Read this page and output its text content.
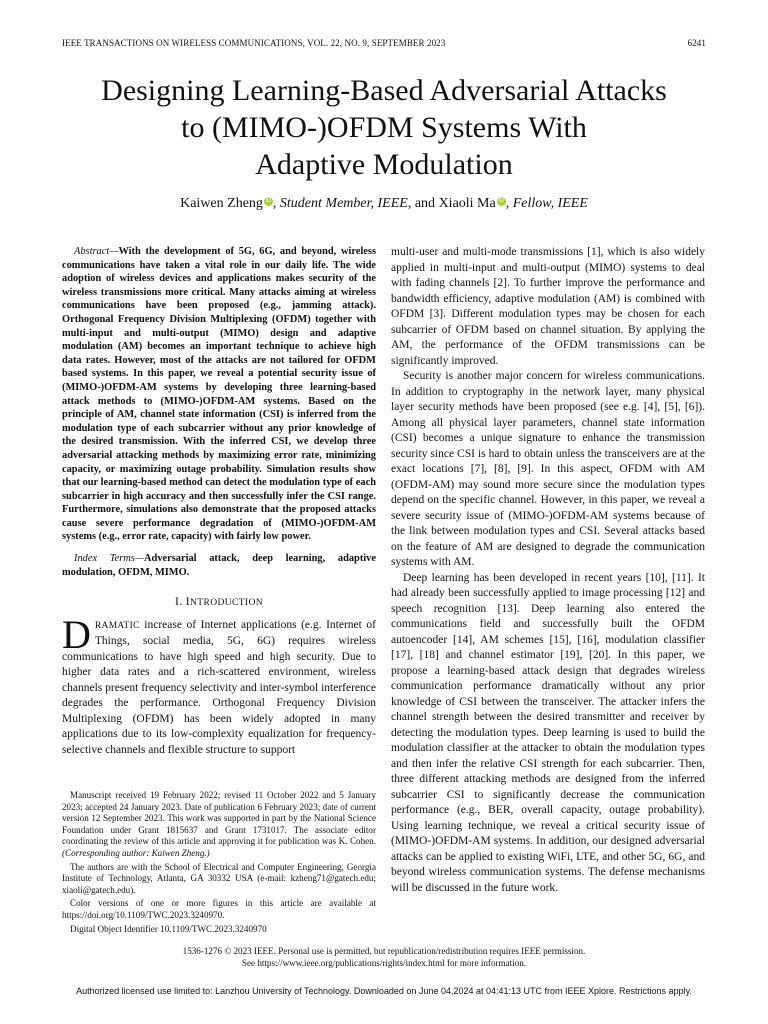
IEEE TRANSACTIONS ON WIRELESS COMMUNICATIONS, VOL. 22, NO. 9, SEPTEMBER 2023	6241
Designing Learning-Based Adversarial Attacks
to (MIMO-)OFDM Systems With
Adaptive Modulation
Kaiwen Zheng iD , Student Member, IEEE, and Xiaoli Ma iD , Fellow, IEEE

Abstract—With the development of 5G, 6G, and beyond, wireless communications have taken a vital role in our daily life. The wide adoption of wireless devices and applications makes security of the wireless transmissions more critical. Many attacks aiming at wireless communications have been proposed (e.g., jamming attack). Orthogonal Frequency Division Multiplexing (OFDM) together with multi-input and multi-output (MIMO) design and adaptive modulation (AM) becomes an important technique to achieve high data rates. However, most of the attacks are not tailored for OFDM based systems. In this paper, we reveal a potential security issue of (MIMO-)OFDM-AM systems by developing three learning-based attack methods to (MIMO-)OFDM-AM systems. Based on the principle of AM, channel state information (CSI) is inferred from the modulation type of each subcarrier without any prior knowledge of the desired transmission. With the inferred CSI, we develop three adversarial attacking methods by maximizing error rate, minimizing capacity, or maximizing outage probability. Simulation results show that our learning-based method can detect the modulation type of each subcarrier in high accuracy and then successfully infer the CSI range. Furthermore, simulations also demonstrate that the proposed attacks cause severe performance degradation of (MIMO-)OFDM-AM systems (e.g., error rate, capacity) with fairly low power.

Index Terms—Adversarial attack, deep learning, adaptive modulation, OFDM, MIMO.

I. INTRODUCTION

DRAMATIC increase of Internet applications (e.g. Internet of Things, social media, 5G, 6G) requires wireless communications to have high speed and high security. Due to higher data rates and a rich-scattered environment, wireless channels present frequency selectivity and inter-symbol interference degrades the performance. Orthogonal Frequency Division Multiplexing (OFDM) has been widely adopted in many applications due to its low-complexity equalization for frequency-selective channels and flexible structure to support

multi-user and multi-mode transmissions [1], which is also widely applied in multi-input and multi-output (MIMO) systems to deal with fading channels [2]. To further improve the performance and bandwidth efficiency, adaptive modulation (AM) is combined with OFDM [3]. Different modulation types may be chosen for each subcarrier of OFDM based on channel situation. By applying the AM, the performance of the OFDM transmissions can be significantly improved.

Security is another major concern for wireless communications. In addition to cryptography in the network layer, many physical layer security methods have been proposed (see e.g. [4], [5], [6]). Among all physical layer parameters, channel state information (CSI) becomes a unique signature to enhance the transmission security since CSI is hard to obtain unless the transceivers are at the exact locations [7], [8], [9]. In this aspect, OFDM with AM (OFDM-AM) may sound more secure since the modulation types depend on the specific channel. However, in this paper, we reveal a severe security issue of (MIMO-)OFDM-AM systems because of the link between modulation types and CSI. Several attacks based on the feature of AM are designed to degrade the communication systems with AM.

Deep learning has been developed in recent years [10], [11]. It had already been successfully applied to image processing [12] and speech recognition [13]. Deep learning also entered the communications field and successfully built the OFDM autoencoder [14], AM schemes [15], [16], modulation classifier [17], [18] and channel estimator [19], [20]. In this paper, we propose a learning-based attack design that degrades wireless communication performance dramatically without any prior knowledge of CSI between the transceiver. The attacker infers the channel strength between the desired transmitter and receiver by detecting the modulation types. Deep learning is used to build the modulation classifier at the attacker to obtain the modulation types and then infer the relative CSI strength for each subcarrier. Then, three different attacking methods are designed from the inferred subcarrier CSI to significantly decrease the communication performance (e.g., BER, overall capacity, outage probability). Using learning technique, we reveal a critical security issue of (MIMO-)OFDM-AM systems. In addition, our designed adversarial attacks can be applied to existing WiFi, LTE, and other 5G, 6G, and beyond wireless communication systems. The defense mechanisms will be discussed in the future work.

Manuscript received 19 February 2022; revised 11 October 2022 and 5 January 2023; accepted 24 January 2023. Date of publication 6 February 2023; date of current version 12 September 2023. This work was supported in part by the National Science Foundation under Grant 1815637 and Grant 1731017. The associate editor coordinating the review of this article and approving it for publication was K. Cohen. (Corresponding author: Kaiwen Zheng.)

The authors are with the School of Electrical and Computer Engineering, Georgia Institute of Technology, Atlanta, GA 30332 USA (e-mail: kzheng71@gatech.edu; xiaoli@gatech.edu).

Color versions of one or more figures in this article are available at https://doi.org/10.1109/TWC.2023.3240970.

Digital Object Identifier 10.1109/TWC.2023.3240970

1536-1276 © 2023 IEEE. Personal use is permitted, but republication/redistribution requires IEEE permission.
See https://www.ieee.org/publications/rights/index.html for more information.
Authorized licensed use limited to: Lanzhou University of Technology. Downloaded on June 04,2024 at 04:41:13 UTC from IEEE Xplore. Restrictions apply.
